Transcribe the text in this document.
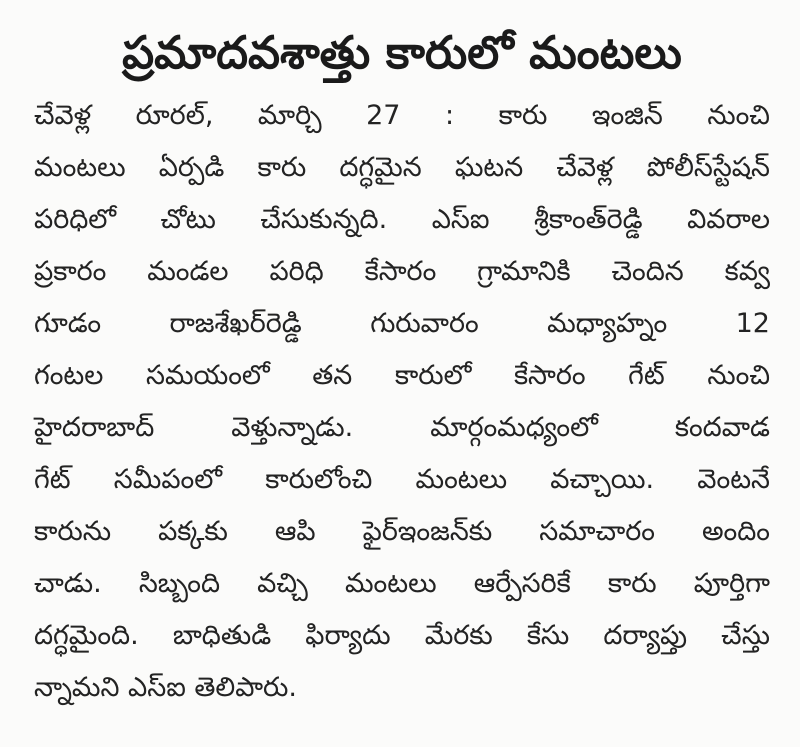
ప్రమాదవశాత్తు కారులో మంటలు
చేవెళ్ల రూరల్, మార్చి 27 : కారు ఇంజిన్ నుంచి
మంటలు ఏర్పడి కారు దగ్ధమైన ఘటన చేవెళ్ల పోలీస్‌స్టేషన్
పరిధిలో చోటు చేసుకున్నది. ఎస్ఐ శ్రీకాంత్‌రెడ్డి వివరాల
ప్రకారం మండల పరిధి కేసారం గ్రామానికి చెందిన కవ్వ
గూడం రాజశేఖర్‌రెడ్డి గురువారం మధ్యాహ్నం 12
గంటల సమయంలో తన కారులో కేసారం గేట్ నుంచి
హైదరాబాద్ వెళ్తున్నాడు. మార్గంమధ్యంలో కందవాడ
గేట్ సమీపంలో కారులోంచి మంటలు వచ్చాయి. వెంటనే
కారును పక్కకు ఆపి ఫైర్‌ఇంజన్‌కు సమాచారం అందిం
చాడు. సిబ్బంది వచ్చి మంటలు ఆర్పేసరికే కారు పూర్తిగా
దగ్ధమైంది. బాధితుడి ఫిర్యాదు మేరకు కేసు దర్యాప్తు చేస్తు
న్నామని ఎస్ఐ తెలిపారు.
